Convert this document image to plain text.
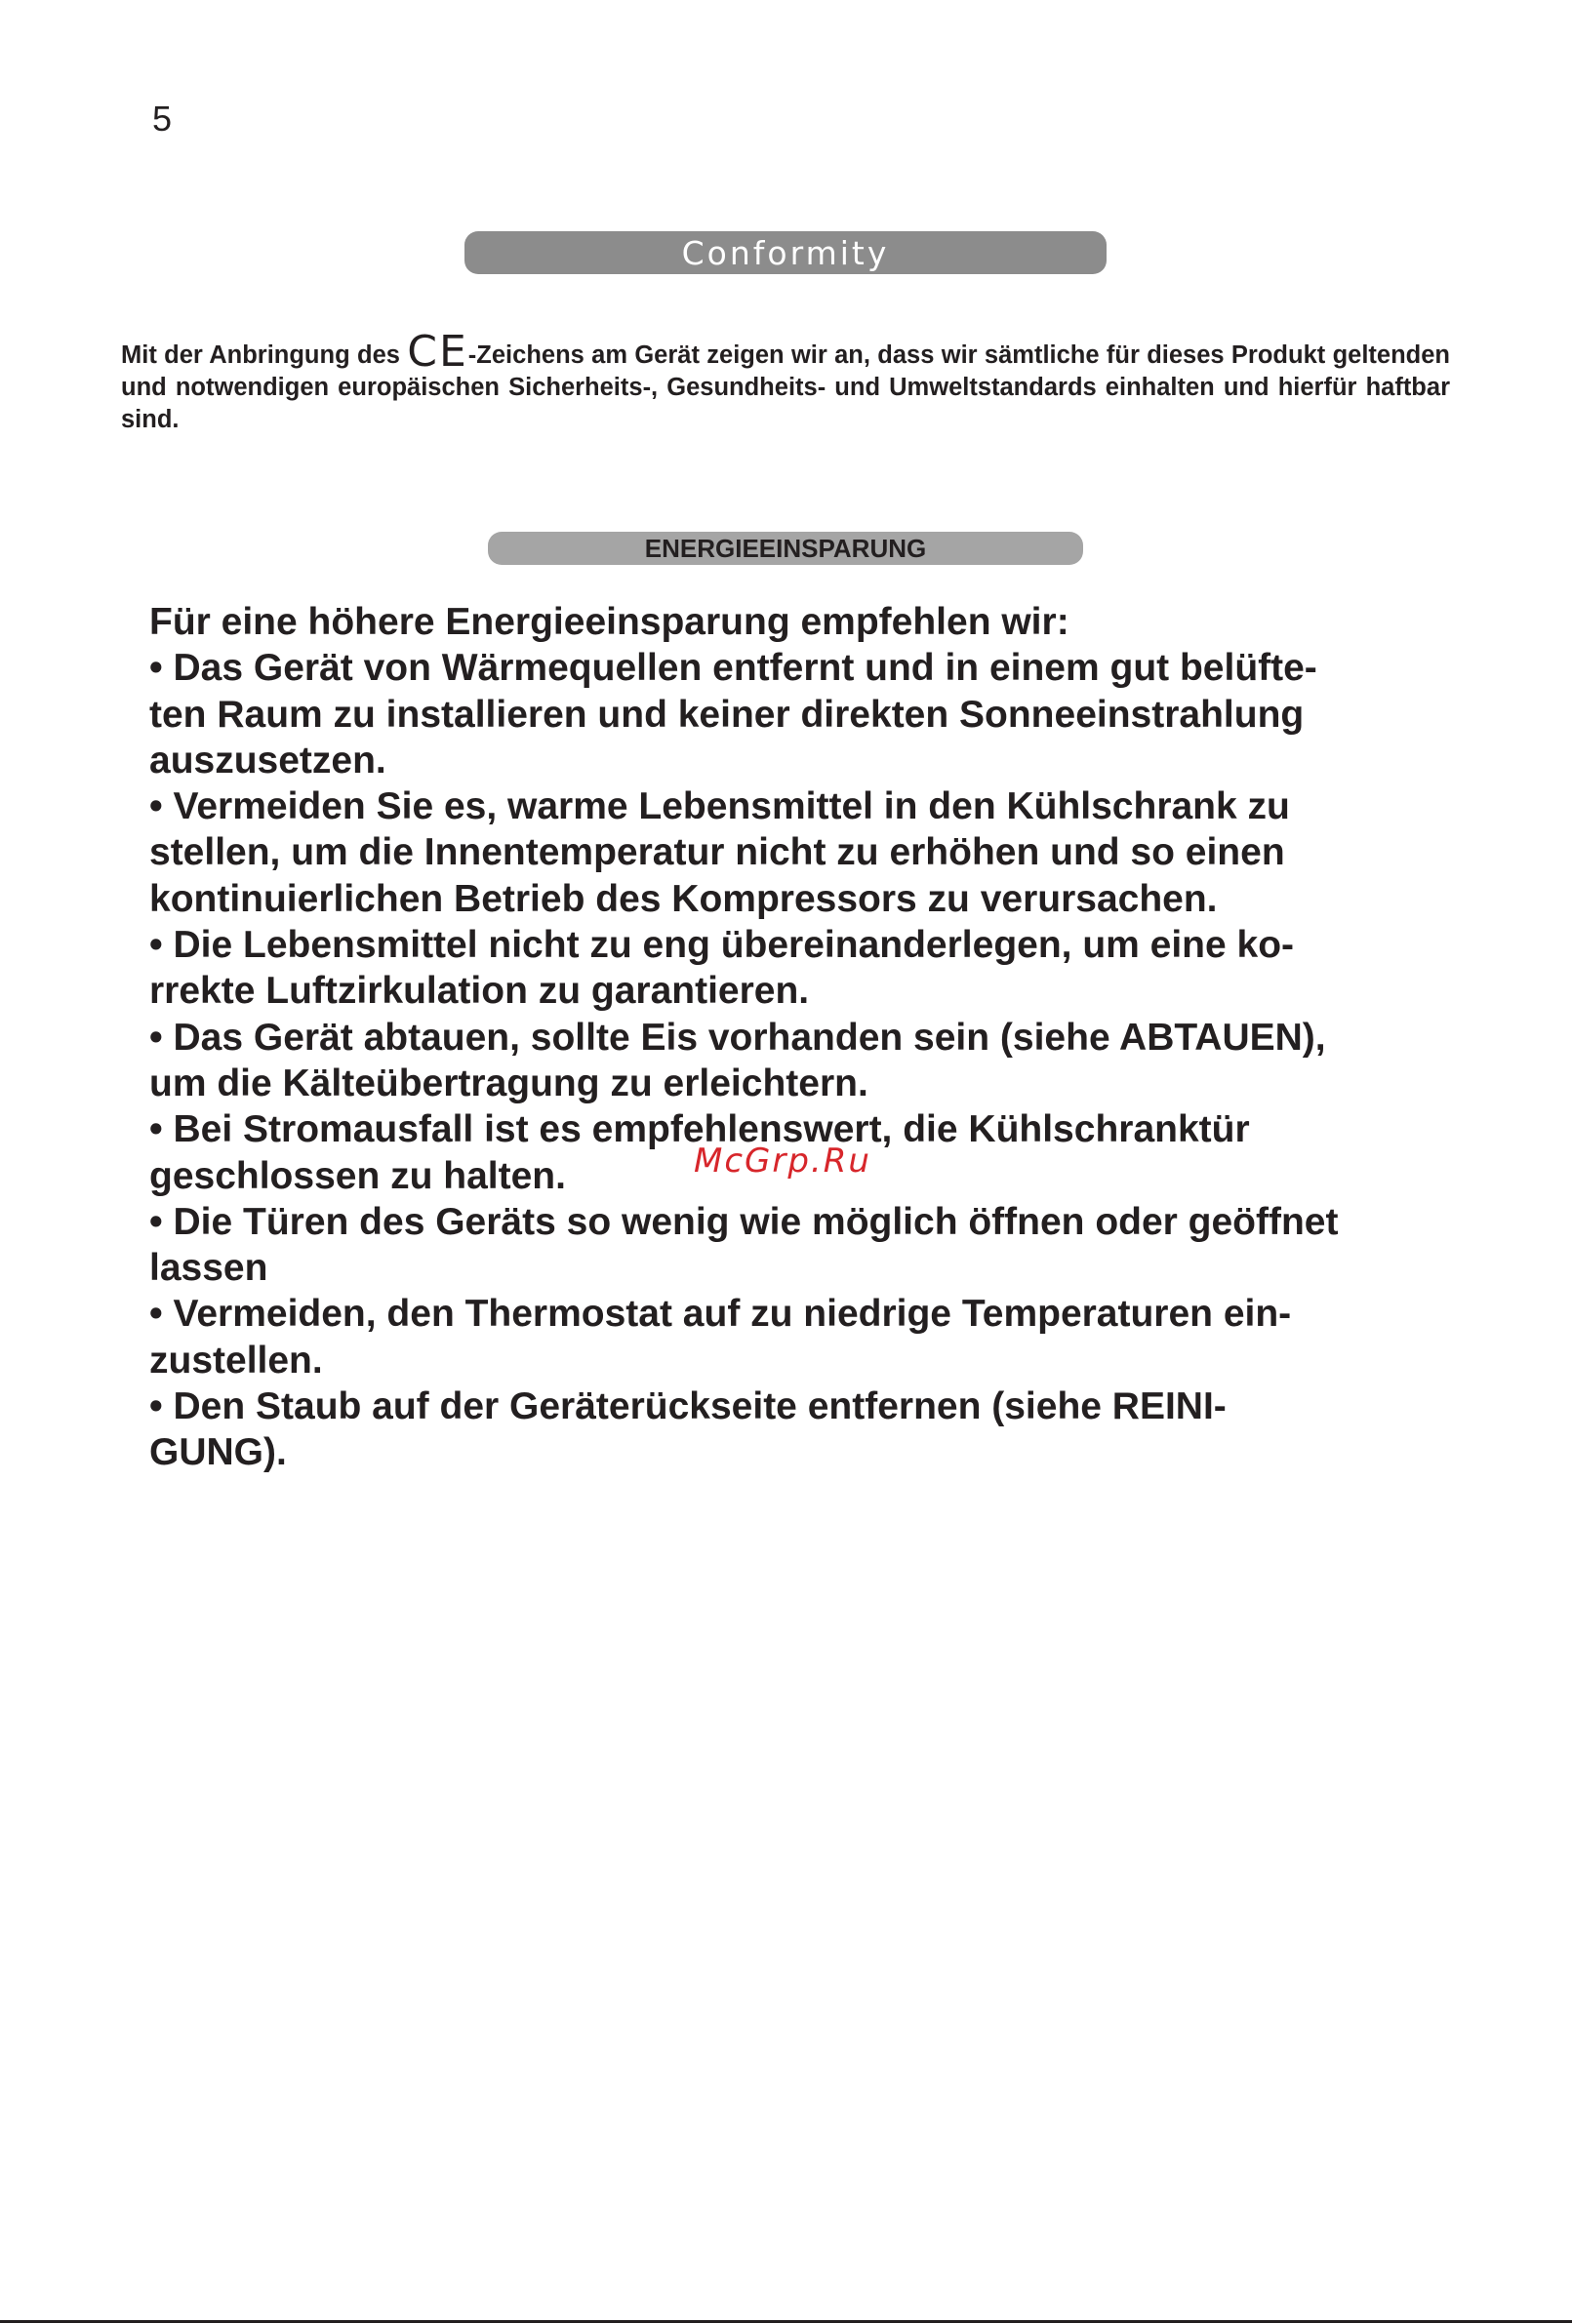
5
Conformity
Mit der Anbringung des CE-Zeichens am Gerät zeigen wir an, dass wir sämtliche für dieses Produkt geltenden und notwendigen europäischen Sicherheits-, Gesundheits- und Umweltstandards einhalten und hierfür haftbar sind.
ENERGIEEINSPARUNG
Für eine höhere Energieeinsparung empfehlen wir:
• Das Gerät von Wärmequellen entfernt und in einem gut belüfte-
ten Raum zu installieren und keiner direkten Sonneeinstrahlung
auszusetzen.
• Vermeiden Sie es, warme Lebensmittel in den Kühlschrank zu
stellen, um die Innentemperatur nicht zu erhöhen und so einen
kontinuierlichen Betrieb des Kompressors zu verursachen.
• Die Lebensmittel nicht zu eng übereinanderlegen, um eine ko-
rrekte Luftzirkulation zu garantieren.
• Das Gerät abtauen, sollte Eis vorhanden sein (siehe ABTAUEN),
um die Kälteübertragung zu erleichtern.
• Bei Stromausfall ist es empfehlenswert, die Kühlschranktür
geschlossen zu halten.
• Die Türen des Geräts so wenig wie möglich öffnen oder geöffnet
lassen
• Vermeiden, den Thermostat auf zu niedrige Temperaturen ein-
zustellen.
• Den Staub auf der Geräterückseite entfernen (siehe REINI-
GUNG).
McGrp.Ru
